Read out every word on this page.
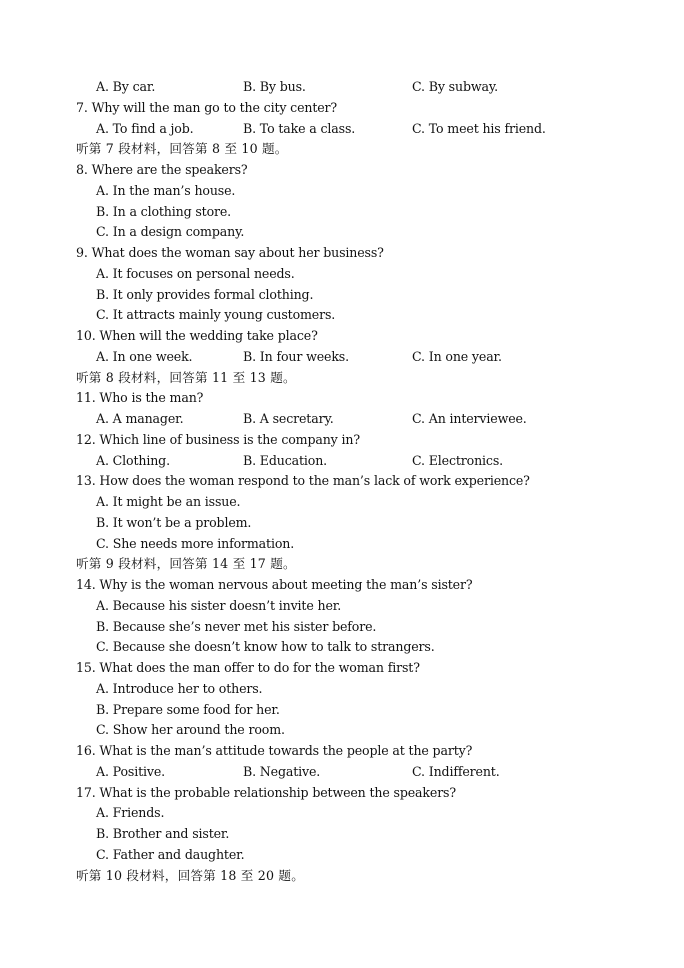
A. By car.	B. By bus.	C. By subway.
7. Why will the man go to the city center?
A. To find a job.	B. To take a class.	C. To meet his friend.
听第 7 段材料，回答第 8 至 10 题。
8. Where are the speakers?
A. In the man’s house.
B. In a clothing store.
C. In a design company.
9. What does the woman say about her business?
A. It focuses on personal needs.
B. It only provides formal clothing.
C. It attracts mainly young customers.
10. When will the wedding take place?
A. In one week.	B. In four weeks.	C. In one year.
听第 8 段材料，回答第 11 至 13 题。
11. Who is the man?
A. A manager.	B. A secretary.	C. An interviewee.
12. Which line of business is the company in?
A. Clothing.	B. Education.	C. Electronics.
13. How does the woman respond to the man’s lack of work experience?
A. It might be an issue.
B. It won’t be a problem.
C. She needs more information.
听第 9 段材料，回答第 14 至 17 题。
14. Why is the woman nervous about meeting the man’s sister?
A. Because his sister doesn’t invite her.
B. Because she’s never met his sister before.
C. Because she doesn’t know how to talk to strangers.
15. What does the man offer to do for the woman first?
A. Introduce her to others.
B. Prepare some food for her.
C. Show her around the room.
16. What is the man’s attitude towards the people at the party?
A. Positive.	B. Negative.	C. Indifferent.
17. What is the probable relationship between the speakers?
A. Friends.
B. Brother and sister.
C. Father and daughter.
听第 10 段材料，回答第 18 至 20 题。
